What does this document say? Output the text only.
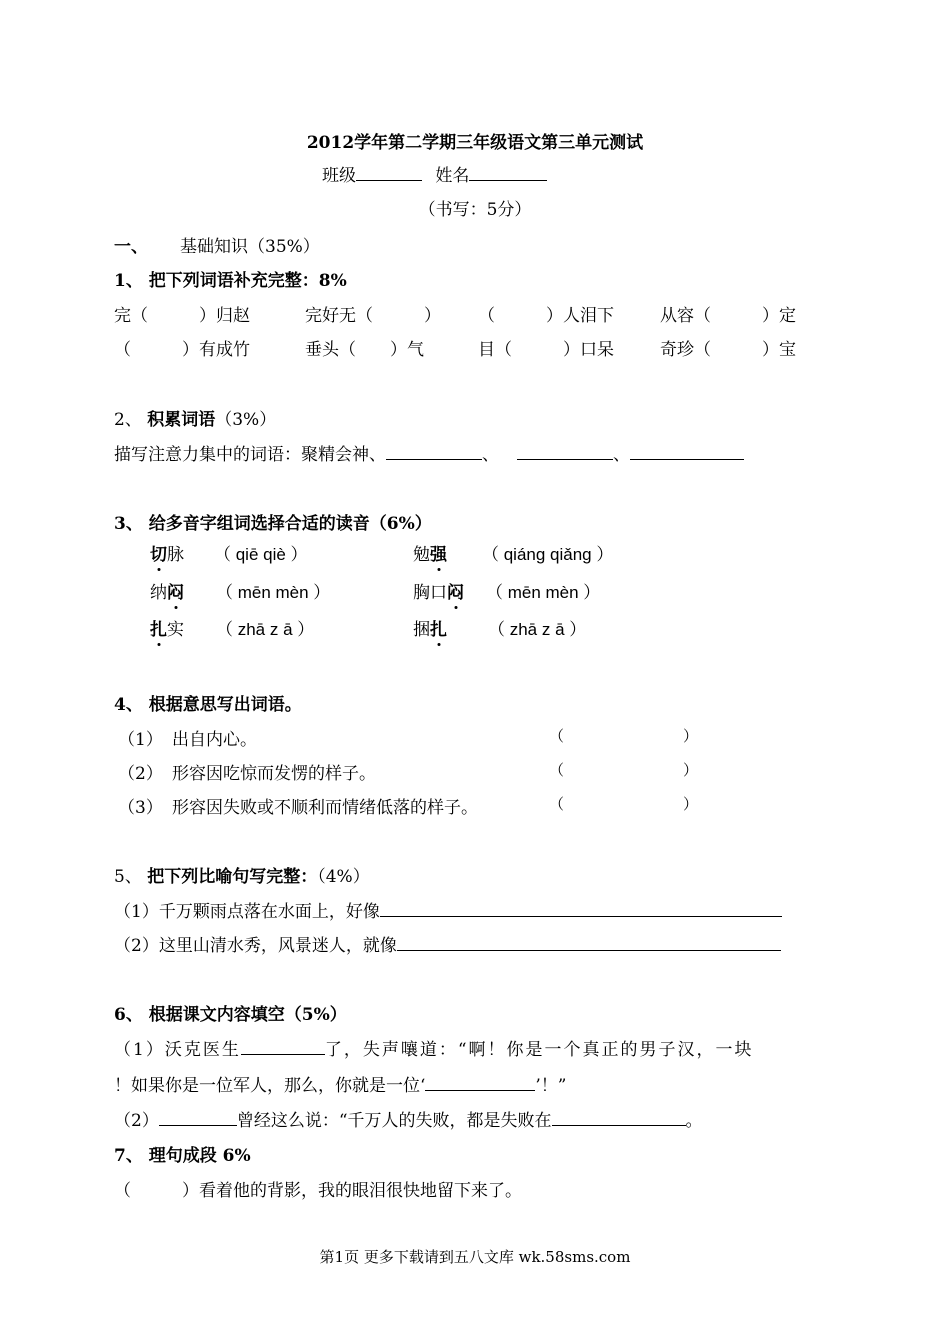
2012学年第二学期三年级语文第三单元测试
班级	姓名
（书写：5分）
一、 基础知识（35%）
1、 把下列词语补充完整：8%
完（　　　）归赵	完好无（　　　） （　　　）人泪下	从容（　　　）定
（　　　）有成竹	垂头（　　）气	目（　　　）口呆	奇珍（　　　）宝
2、 积累词语（3%）
描写注意力集中的词语：聚精会神、	、	、
3、 给多音字组词选择合适的读音（6%）
切脉 （ qiē qiè ）	勉强 （ qiáng qiǎng ）
纳闷 （ mēn mèn ）	胸口闷 （ mēn mèn ）
扎实 （ zhā z ā ）	捆扎 （ zhā z ā ）
4、 根据意思写出词语。
（1） 出自内心。	（	）
（2） 形容因吃惊而发愣的样子。	（	）
（3） 形容因失败或不顺利而情绪低落的样子。	（	）
5、 把下列比喻句写完整：（4%）
（1）千万颗雨点落在水面上，好像
（2）这里山清水秀，风景迷人，就像
6、 根据课文内容填空（5%）
（1）沃克医生	了，失声嚷道：“啊！你是一个真正的男子汉，一块
！如果你是一位军人，那么，你就是一位‘	’！”
（2）	曾经这么说：“千万人的失败，都是失败在	。
7、 理句成段 6%
（　　　）看着他的背影，我的眼泪很快地留下来了。
第1页 更多下载请到五八文库 wk.58sms.com
